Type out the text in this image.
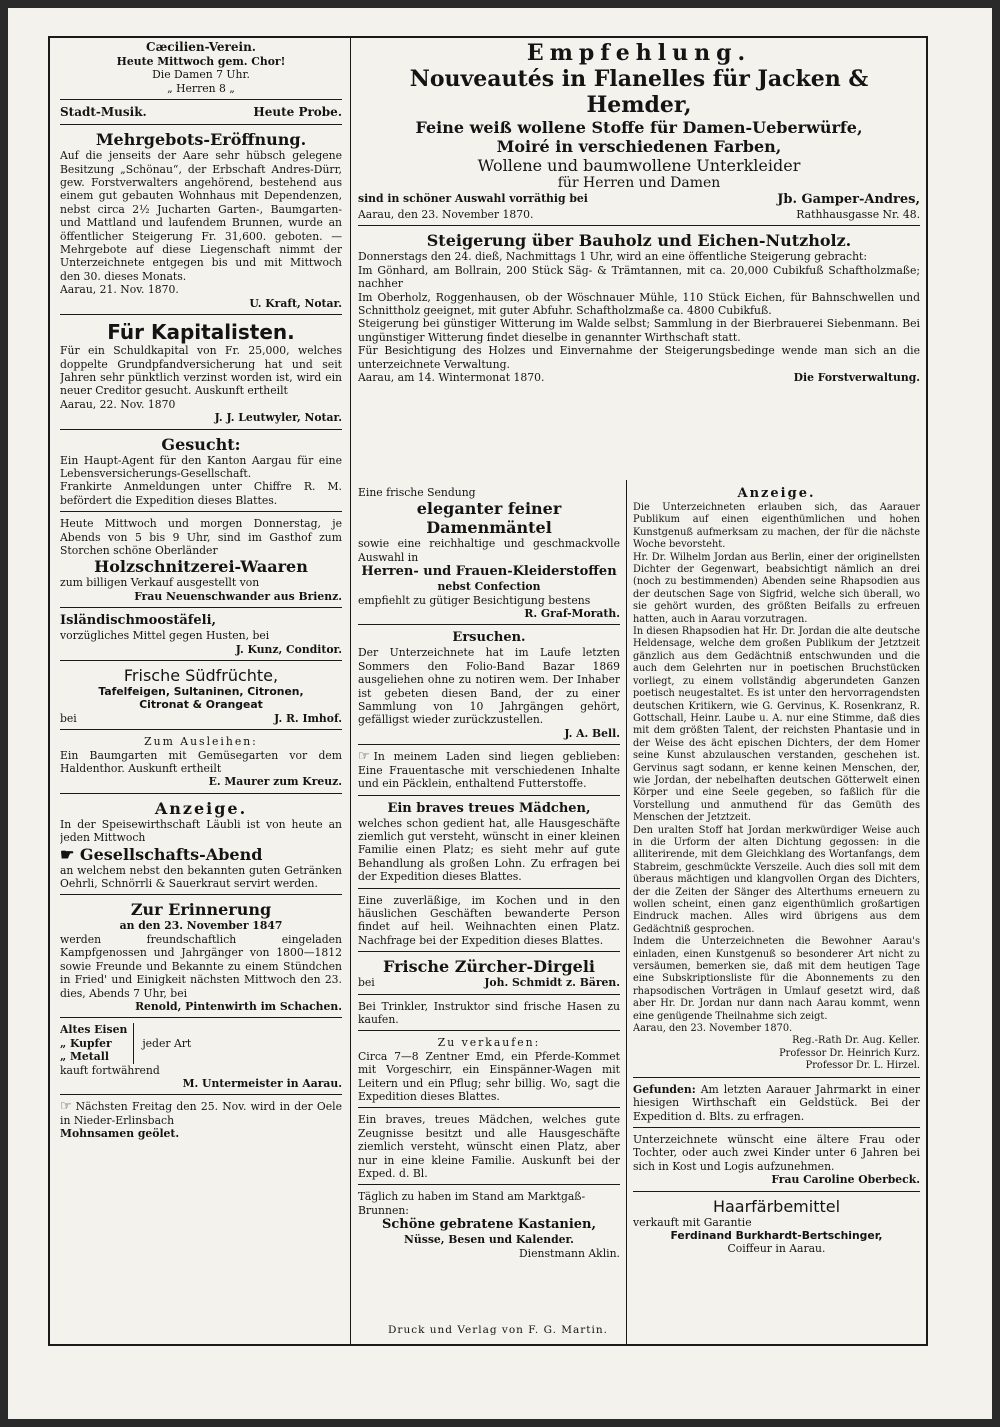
Cæcilien-Verein.
Heute Mittwoch gem. Chor!
Die Damen 7 Uhr.
„ Herren 8 „
Stadt-Musik.	Heute Probe.
Mehrgebots-Eröffnung.
Auf die jenseits der Aare sehr hübsch gelegene Besitzung „Schönau“, der Erbschaft Andres-Dürr, gew. Forstverwalters angehörend, bestehend aus einem gut gebauten Wohnhaus mit Dependenzen, nebst circa 2½ Jucharten Garten-, Baumgarten- und Mattland und laufendem Brunnen, wurde an öffentlicher Steigerung Fr. 31,600. geboten. — Mehrgebote auf diese Liegenschaft nimmt der Unterzeichnete entgegen bis und mit Mittwoch den 30. dieses Monats.
Aarau, 21. Nov. 1870.
U. Kraft, Notar.
Für Kapitalisten.
Für ein Schuldkapital von Fr. 25,000, welches doppelte Grundpfandversicherung hat und seit Jahren sehr pünktlich verzinst worden ist, wird ein neuer Creditor gesucht. Auskunft ertheilt
Aarau, 22. Nov. 1870
J. J. Leutwyler, Notar.
Gesucht:
Ein Haupt-Agent für den Kanton Aargau für eine Lebensversicherungs-Gesellschaft.
Frankirte Anmeldungen unter Chiffre R. M. befördert die Expedition dieses Blattes.
Heute Mittwoch und morgen Donnerstag, je Abends von 5 bis 9 Uhr, sind im Gasthof zum Storchen schöne Oberländer
Holzschnitzerei-Waaren
zum billigen Verkauf ausgestellt von
Frau Neuenschwander aus Brienz.
Isländischmoostäfeli,
vorzügliches Mittel gegen Husten, bei
J. Kunz, Conditor.
Frische Südfrüchte,
Tafelfeigen, Sultaninen, Citronen,
Citronat & Orangeat
bei	J. R. Imhof.
Zum Ausleihen:
Ein Baumgarten mit Gemüsegarten vor dem Haldenthor. Auskunft ertheilt
E. Maurer zum Kreuz.
Anzeige.
In der Speisewirthschaft Läubli ist von heute an jeden Mittwoch
☛ Gesellschafts-Abend
an welchem nebst den bekannten guten Getränken Oehrli, Schnörrli & Sauerkraut servirt werden.
Zur Erinnerung
an den 23. November 1847
werden freundschaftlich eingeladen Kampfgenossen und Jahrgänger von 1800—1812 sowie Freunde und Bekannte zu einem Stündchen in Fried' und Einigkeit nächsten Mittwoch den 23. dies, Abends 7 Uhr, bei
Renold, Pintenwirth im Schachen.
Altes Eisen
„ Kupfer
„ Metall
jeder Art
kauft fortwährend
M. Untermeister in Aarau.
☞ Nächsten Freitag den 25. Nov. wird in der Oele in Nieder-Erlinsbach
Mohnsamen geölet.
Empfehlung.
Nouveautés in Flanelles für Jacken & Hemder,
Feine weiß wollene Stoffe für Damen-Ueberwürfe,
Moiré in verschiedenen Farben,
Wollene und baumwollene Unterkleider
für Herren und Damen
sind in schöner Auswahl vorräthig bei	Jb. Gamper-Andres,
Aarau, den 23. November 1870.	Rathhausgasse Nr. 48.
Steigerung über Bauholz und Eichen-Nutzholz.
Donnerstags den 24. dieß, Nachmittags 1 Uhr, wird an eine öffentliche Steigerung gebracht:
Im Gönhard, am Bollrain, 200 Stück Säg- & Trämtannen, mit ca. 20,000 Cubikfuß Schaftholzmaße; nachher
Im Oberholz, Roggenhausen, ob der Wöschnauer Mühle, 110 Stück Eichen, für Bahnschwellen und Schnittholz geeignet, mit guter Abfuhr. Schaftholzmaße ca. 4800 Cubikfuß.
Steigerung bei günstiger Witterung im Walde selbst; Sammlung in der Bierbrauerei Siebenmann. Bei ungünstiger Witterung findet dieselbe in genannter Wirthschaft statt.
Für Besichtigung des Holzes und Einvernahme der Steigerungsbedinge wende man sich an die unterzeichnete Verwaltung.
Aarau, am 14. Wintermonat 1870.	Die Forstverwaltung.
Eine frische Sendung
eleganter feiner Damenmäntel
sowie eine reichhaltige und geschmackvolle Auswahl in
Herren- und Frauen-Kleiderstoffen
nebst Confection
empfiehlt zu gütiger Besichtigung bestens
R. Graf-Morath.
Ersuchen.
Der Unterzeichnete hat im Laufe letzten Sommers den Folio-Band Bazar 1869 ausgeliehen ohne zu notiren wem. Der Inhaber ist gebeten diesen Band, der zu einer Sammlung von 10 Jahrgängen gehört, gefälligst wieder zurückzustellen.
J. A. Bell.
☞ In meinem Laden sind liegen geblieben: Eine Frauentasche mit verschiedenen Inhalte und ein Päcklein, enthaltend Futterstoffe.
Ein braves treues Mädchen,
welches schon gedient hat, alle Hausgeschäfte ziemlich gut versteht, wünscht in einer kleinen Familie einen Platz; es sieht mehr auf gute Behandlung als großen Lohn. Zu erfragen bei der Expedition dieses Blattes.
Eine zuverläßige, im Kochen und in den häuslichen Geschäften bewanderte Person findet auf heil. Weihnachten einen Platz. Nachfrage bei der Expedition dieses Blattes.
Frische Zürcher-Dirgeli
bei	Joh. Schmidt z. Bären.
Bei Trinkler, Instruktor sind frische Hasen zu kaufen.
Zu verkaufen:
Circa 7—8 Zentner Emd, ein Pferde-Kommet mit Vorgeschirr, ein Einspänner-Wagen mit Leitern und ein Pflug; sehr billig. Wo, sagt die Expedition dieses Blattes.
Ein braves, treues Mädchen, welches gute Zeugnisse besitzt und alle Hausgeschäfte ziemlich versteht, wünscht einen Platz, aber nur in eine kleine Familie. Auskunft bei der Exped. d. Bl.
Täglich zu haben im Stand am Marktgaß-Brunnen:
Schöne gebratene Kastanien,
Nüsse, Besen und Kalender.
Dienstmann Aklin.
Anzeige.
Die Unterzeichneten erlauben sich, das Aarauer Publikum auf einen eigenthümlichen und hohen Kunstgenuß aufmerksam zu machen, der für die nächste Woche bevorsteht.
Hr. Dr. Wilhelm Jordan aus Berlin, einer der originellsten Dichter der Gegenwart, beabsichtigt nämlich an drei (noch zu bestimmenden) Abenden seine Rhapsodien aus der deutschen Sage von Sigfrid, welche sich überall, wo sie gehört wurden, des größten Beifalls zu erfreuen hatten, auch in Aarau vorzutragen.
In diesen Rhapsodien hat Hr. Dr. Jordan die alte deutsche Heldensage, welche dem großen Publikum der Jetztzeit gänzlich aus dem Gedächtniß entschwunden und die auch dem Gelehrten nur in poetischen Bruchstücken vorliegt, zu einem vollständig abgerundeten Ganzen poetisch neugestaltet. Es ist unter den hervorragendsten deutschen Kritikern, wie G. Gervinus, K. Rosenkranz, R. Gottschall, Heinr. Laube u. A. nur eine Stimme, daß dies mit dem größten Talent, der reichsten Phantasie und in der Weise des ächt epischen Dichters, der dem Homer seine Kunst abzulauschen verstanden, geschehen ist. Gervinus sagt sodann, er kenne keinen Menschen, der, wie Jordan, der nebelhaften deutschen Götterwelt einen Körper und eine Seele gegeben, so faßlich für die Vorstellung und anmuthend für das Gemüth des Menschen der Jetztzeit.
Den uralten Stoff hat Jordan merkwürdiger Weise auch in die Urform der alten Dichtung gegossen: in die alliterirende, mit dem Gleichklang des Wortanfangs, dem Stabreim, geschmückte Verszeile. Auch dies soll mit dem überaus mächtigen und klangvollen Organ des Dichters, der die Zeiten der Sänger des Alterthums erneuern zu wollen scheint, einen ganz eigenthümlich großartigen Eindruck machen. Alles wird übrigens aus dem Gedächtniß gesprochen.
Indem die Unterzeichneten die Bewohner Aarau's einladen, einen Kunstgenuß so besonderer Art nicht zu versäumen, bemerken sie, daß mit dem heutigen Tage eine Subskriptionsliste für die Abonnements zu den rhapsodischen Vorträgen in Umlauf gesetzt wird, daß aber Hr. Dr. Jordan nur dann nach Aarau kommt, wenn eine genügende Theilnahme sich zeigt.
Aarau, den 23. November 1870.
Reg.-Rath Dr. Aug. Keller.
Professor Dr. Heinrich Kurz.
Professor Dr. L. Hirzel.
Gefunden: Am letzten Aarauer Jahrmarkt in einer hiesigen Wirthschaft ein Geldstück. Bei der Expedition d. Blts. zu erfragen.
Unterzeichnete wünscht eine ältere Frau oder Tochter, oder auch zwei Kinder unter 6 Jahren bei sich in Kost und Logis aufzunehmen.
Frau Caroline Oberbeck.
Haarfärbemittel
verkauft mit Garantie
Ferdinand Burkhardt-Bertschinger,
Coiffeur in Aarau.
Druck und Verlag von F. G. Martin.
